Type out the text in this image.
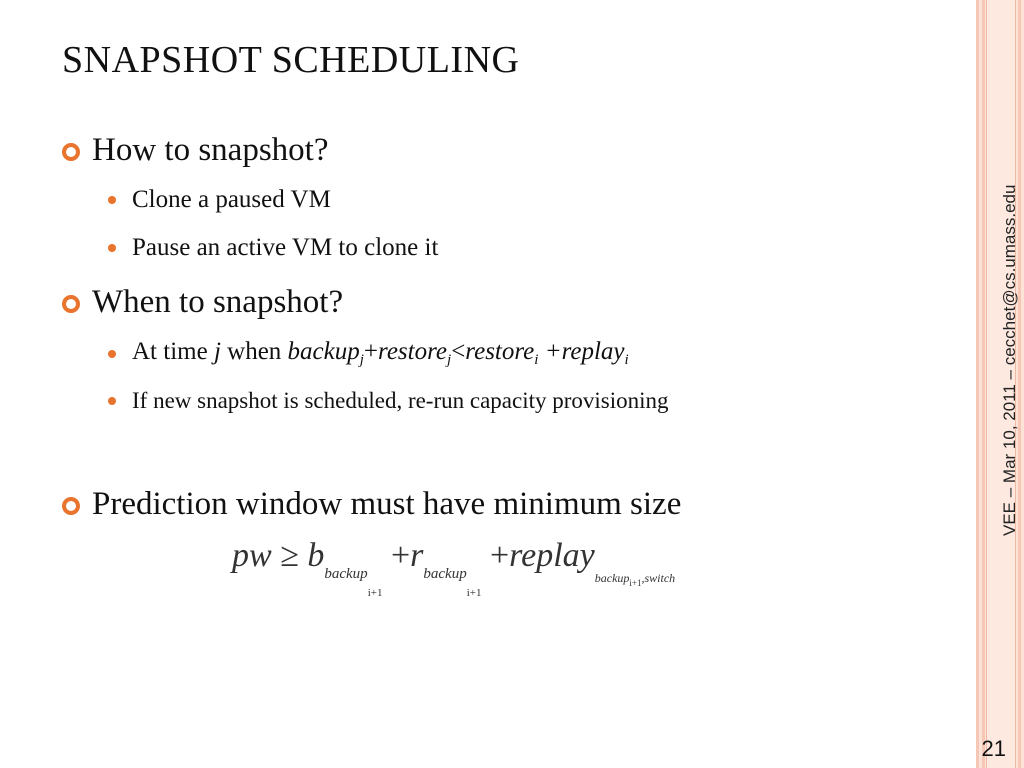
VEE – Mar 10, 2011 – cecchet@cs.umass.edu
SNAPSHOT SCHEDULING
How to snapshot?
Clone a paused VM
Pause an active VM to clone it
When to snapshot?
At time j when backup$_j$+restore$_j$<restore$_i$ +replay$_i$
If new snapshot is scheduled, re-run capacity provisioning
Prediction window must have minimum size
pw ≥ $b_{backup_{i+1}} +r_{backup_{i+1}}$ +replay$_{backup_{i+1},switch}$
21
